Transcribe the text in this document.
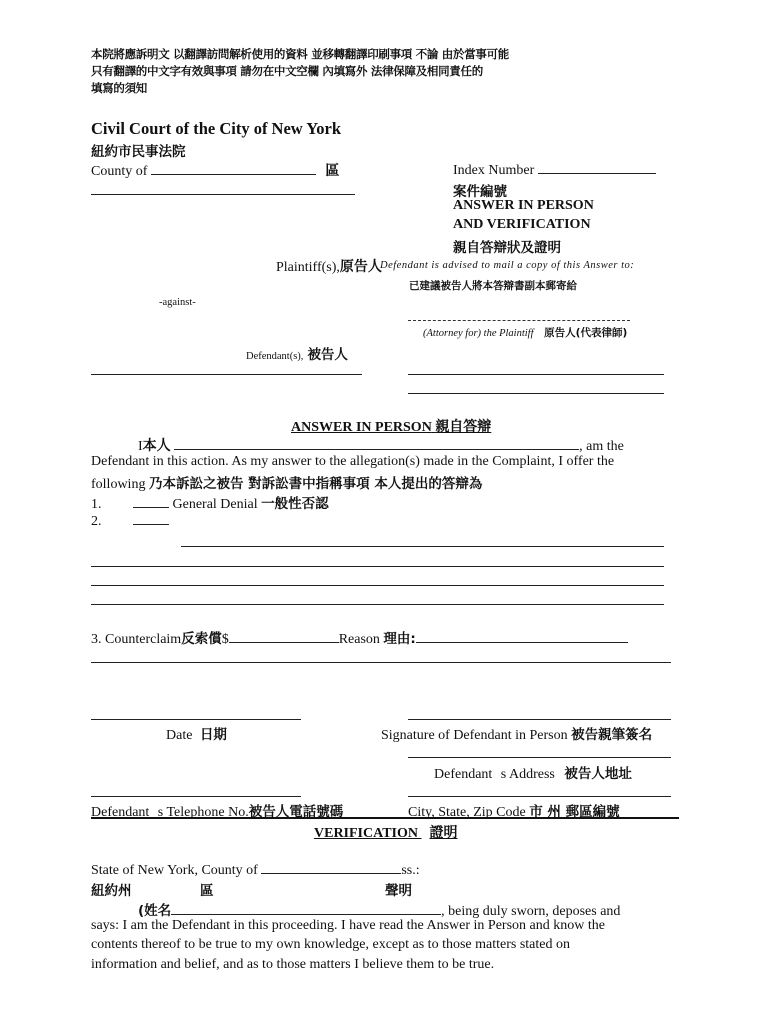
本院將應訴明文 以翻譯訪問解析使用的資料 並移轉翻譯印刷事項 不論 由於當事可能
只有翻譯的中文字有效與事項 請勿在中文空欄 內填寫外 法律保障及相同責任的
填寫的須知
Civil Court of the City of New York
紐約市民事法院
County of	區	Index Number
案件編號
ANSWER IN PERSON
AND VERIFICATION
親自答辯狀及證明
Plaintiff(s),原告人
Defendant is advised to mail a copy of this Answer to:
已建議被告人將本答辯書副本郵寄給
-against-
(Attorney for) the Plaintiff 原告人(代表律師)
Defendant(s), 被告人
ANSWER IN PERSON 親自答辯
I本人	, am the
Defendant in this action. As my answer to the allegation(s) made in the Complaint, I offer the
following 乃本訴訟之被告 對訴訟書中指稱事項 本人提出的答辯為
1.	General Denial 一般性否認
2.
3. Counterclaim反索償$	Reason 理由:
Date 日期	Signature of Defendant in Person 被告親筆簽名
Defendants Address 被告人地址
Defendants Telephone No.被告人電話號碼	City, State, Zip Code 市 州 郵區編號
VERIFICATION 證明
State of New York, County of	ss.:
紐約州	區	聲明
(姓名	, being duly sworn, deposes and
says: I am the Defendant in this proceeding. I have read the Answer in Person and know the
contents thereof to be true to my own knowledge, except as to those matters stated on
information and belief, and as to those matters I believe them to be true.
